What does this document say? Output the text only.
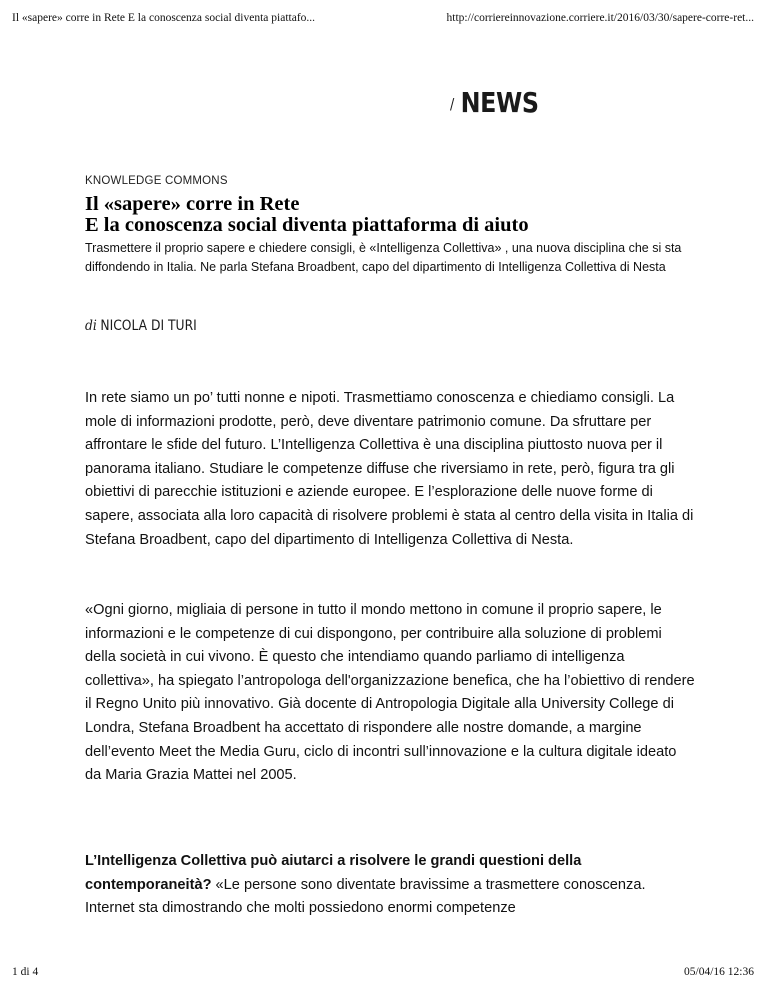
Il «sapere» corre in Rete E la conoscenza social diventa piattafo...	http://corriereinnovazione.corriere.it/2016/03/30/sapere-corre-ret...
/ NEWS
KNOWLEDGE COMMONS
Il «sapere» corre in Rete
E la conoscenza social diventa piattaforma di aiuto

Trasmettere il proprio sapere e chiedere consigli, è «Intelligenza Collettiva» , una nuova disciplina che si sta diffondendo in Italia. Ne parla Stefana Broadbent, capo del dipartimento di Intelligenza Collettiva di Nesta

di NICOLA DI TURI

In rete siamo un po’ tutti nonne e nipoti. Trasmettiamo conoscenza e chiediamo consigli. La mole di informazioni prodotte, però, deve diventare patrimonio comune. Da sfruttare per affrontare le sfide del futuro. L’Intelligenza Collettiva è una disciplina piuttosto nuova per il panorama italiano. Studiare le competenze diffuse che riversiamo in rete, però, figura tra gli obiettivi di parecchie istituzioni e aziende europee. E l’esplorazione delle nuove forme di sapere, associata alla loro capacità di risolvere problemi è stata al centro della visita in Italia di Stefana Broadbent, capo del dipartimento di Intelligenza Collettiva di Nesta.

«Ogni giorno, migliaia di persone in tutto il mondo mettono in comune il proprio sapere, le informazioni e le competenze di cui dispongono, per contribuire alla soluzione di problemi della società in cui vivono. È questo che intendiamo quando parliamo di intelligenza collettiva», ha spiegato l’antropologa dell'organizzazione benefica, che ha l’obiettivo di rendere il Regno Unito più innovativo. Già docente di Antropologia Digitale alla University College di Londra, Stefana Broadbent ha accettato di rispondere alle nostre domande, a margine dell’evento Meet the Media Guru, ciclo di incontri sull’innovazione e la cultura digitale ideato da Maria Grazia Mattei nel 2005.

L’Intelligenza Collettiva può aiutarci a risolvere le grandi questioni della contemporaneità? «Le persone sono diventate bravissime a trasmettere conoscenza. Internet sta dimostrando che molti possiedono enormi competenze

1 di 4	05/04/16 12:36
